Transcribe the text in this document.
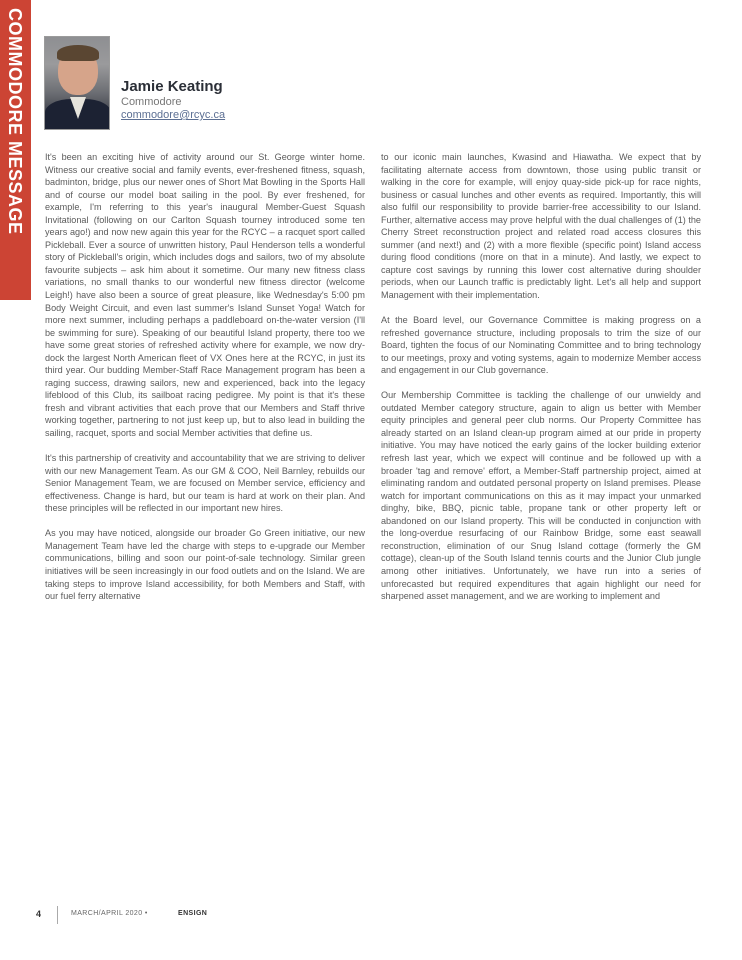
COMMODORE MESSAGE	Jamie Keating
Commodore
commodore@rcyc.ca

It's been an exciting hive of activity around our St. George winter home. Witness our creative social and family events, ever-freshened fitness, squash, badminton, bridge, plus our newer ones of Short Mat Bowling in the Sports Hall and of course our model boat sailing in the pool. By ever freshened, for example, I'm referring to this year's inaugural Member-Guest Squash Invitational (following on our Carlton Squash tourney introduced some ten years ago!) and now new again this year for the RCYC – a racquet sport called Pickleball. Ever a source of unwritten history, Paul Henderson tells a wonderful story of Pickleball's origin, which includes dogs and sailors, two of my absolute favourite subjects – ask him about it sometime. Our many new fitness class variations, no small thanks to our wonderful new fitness director (welcome Leigh!) have also been a source of great pleasure, like Wednesday's 5:00 pm Body Weight Circuit, and even last summer's Island Sunset Yoga! Watch for more next summer, including perhaps a paddleboard on-the-water version (I'll be swimming for sure). Speaking of our beautiful Island property, there too we have some great stories of refreshed activity where for example, we now dry-dock the largest North American fleet of VX Ones here at the RCYC, in just its third year. Our budding Member-Staff Race Management program has been a raging success, drawing sailors, new and experienced, back into the legacy lifeblood of this Club, its sailboat racing pedigree. My point is that it's these fresh and vibrant activities that each prove that our Members and Staff thrive working together, partnering to not just keep up, but to also lead in building the sailing, racquet, sports and social Member activities that define us.

It's this partnership of creativity and accountability that we are striving to deliver with our new Management Team. As our GM & COO, Neil Barnley, rebuilds our Senior Management Team, we are focused on Member service, efficiency and effectiveness. Change is hard, but our team is hard at work on their plan. And these principles will be reflected in our important new hires.

As you may have noticed, alongside our broader Go Green initiative, our new Management Team have led the charge with steps to e-upgrade our Member communications, billing and soon our point-of-sale technology. Similar green initiatives will be seen increasingly in our food outlets and on the Island. We are taking steps to improve Island accessibility, for both Members and Staff, with our fuel ferry alternative

to our iconic main launches, Kwasind and Hiawatha. We expect that by facilitating alternate access from downtown, those using public transit or walking in the core for example, will enjoy quay-side pick-up for race nights, business or casual lunches and other events as required. Importantly, this will also fulfil our responsibility to provide barrier-free accessibility to our Island. Further, alternative access may prove helpful with the dual challenges of (1) the Cherry Street reconstruction project and related road access closures this summer (and next!) and (2) with a more flexible (specific point) Island access during flood conditions (more on that in a minute). And lastly, we expect to capture cost savings by running this lower cost alternative during shoulder periods, when our Launch traffic is predictably light. Let's all help and support Management with their implementation.

At the Board level, our Governance Committee is making progress on a refreshed governance structure, including proposals to trim the size of our Board, tighten the focus of our Nominating Committee and to bring technology to our meetings, proxy and voting systems, again to modernize Member access and engagement in our Club governance.

Our Membership Committee is tackling the challenge of our unwieldy and outdated Member category structure, again to align us better with Member equity principles and general peer club norms. Our Property Committee has already started on an Island clean-up program aimed at our pride in property initiative. You may have noticed the early gains of the locker building exterior refresh last year, which we expect will continue and be followed up with a broader 'tag and remove' effort, a Member-Staff partnership project, aimed at eliminating random and outdated personal property on Island premises. Please watch for important communications on this as it may impact your unmarked dinghy, bike, BBQ, picnic table, propane tank or other property left or abandoned on our Island property. This will be conducted in conjunction with the long-overdue resurfacing of our Rainbow Bridge, some east seawall reconstruction, elimination of our Snug Island cottage (formerly the GM cottage), clean-up of the South Island tennis courts and the Junior Club jungle among other initiatives. Unfortunately, we have run into a series of unforecasted but required expenditures that again highlight our need for sharpened asset management, and we are working to implement and

4	MARCH/APRIL 2020 •	ENSIGN
